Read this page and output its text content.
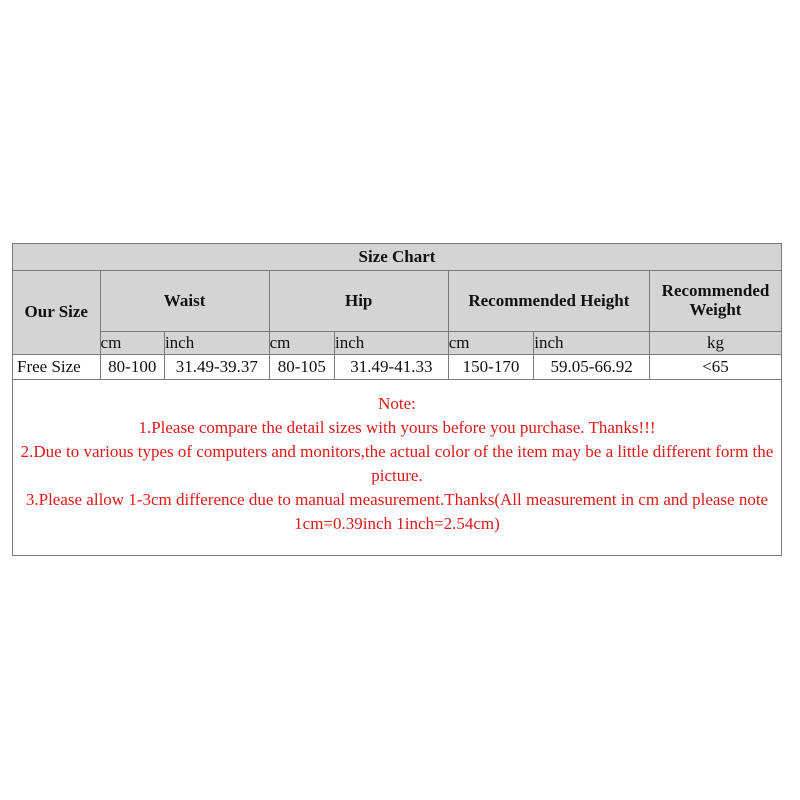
Size Chart							
Our Size	Waist		Hip		Recommended Height		Recommended Weight
	cm	inch	cm	inch	cm	inch	kg
Free Size	80-100	31.49-39.37	80-105	31.49-41.33	150-170	59.05-66.92	<65

Note:

1.Please compare the detail sizes with yours before you purchase. Thanks!!!

2.Due to various types of computers and monitors,the actual color of the item may be a little different form the picture.

3.Please allow 1-3cm difference due to manual measurement.Thanks(All measurement in cm and please note 1cm=0.39inch 1inch=2.54cm)
